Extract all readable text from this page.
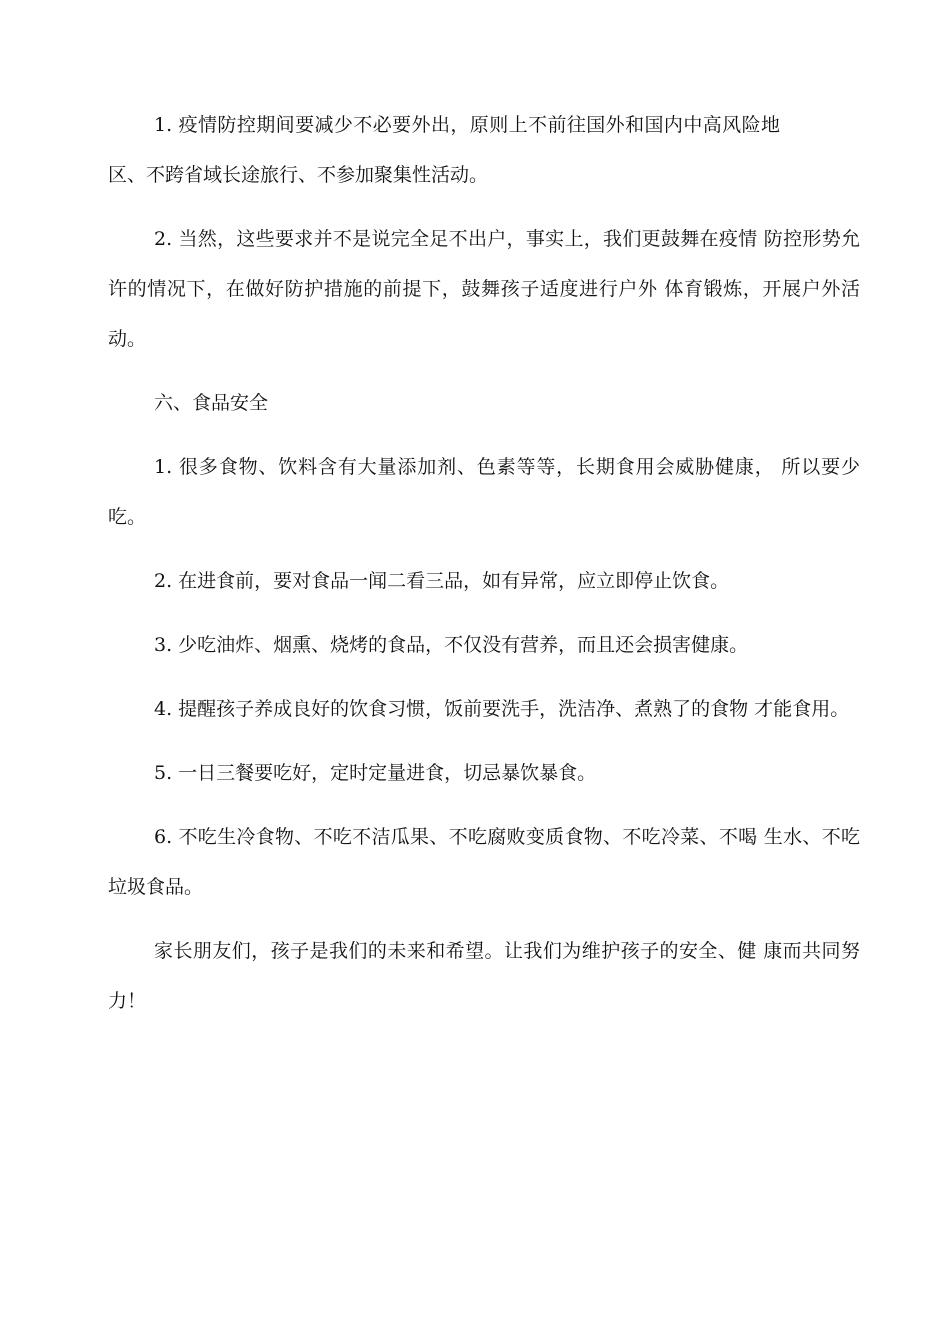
1. 疫情防控期间要减少不必要外出，原则上不前往国外和国内中高风险地区、不跨省域长途旅行、不参加聚集性活动。

2. 当然，这些要求并不是说完全足不出户，事实上，我们更鼓舞在疫情 防控形势允许的情况下，在做好防护措施的前提下，鼓舞孩子适度进行户外 体育锻炼，开展户外活动。

六、食品安全

1. 很多食物、饮料含有大量添加剂、色素等等，长期食用会威胁健康， 所以要少吃。

2. 在进食前，要对食品一闻二看三品，如有异常，应立即停止饮食。

3. 少吃油炸、烟熏、烧烤的食品，不仅没有营养，而且还会损害健康。

4. 提醒孩子养成良好的饮食习惯，饭前要洗手，洗洁净、煮熟了的食物 才能食用。

5. 一日三餐要吃好，定时定量进食，切忌暴饮暴食。

6. 不吃生冷食物、不吃不洁瓜果、不吃腐败变质食物、不吃冷菜、不喝 生水、不吃垃圾食品。

家长朋友们，孩子是我们的未来和希望。让我们为维护孩子的安全、健 康而共同努力！
